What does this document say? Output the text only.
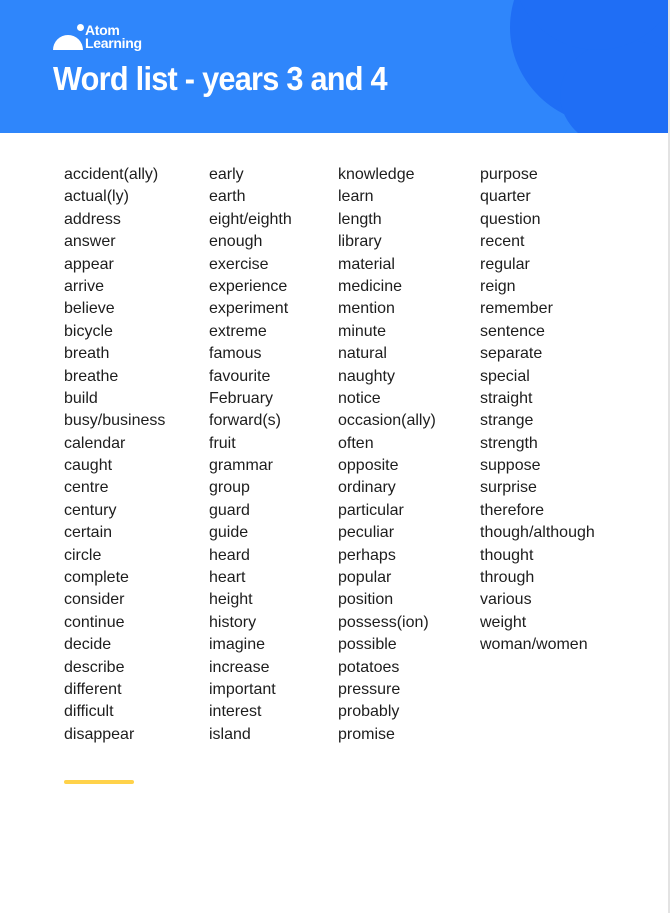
Atom
Learning
Word list - years 3 and 4
accident(ally)
actual(ly)
address
answer
appear
arrive
believe
bicycle
breath
breathe
build
busy/business
calendar
caught
centre
century
certain
circle
complete
consider
continue
decide
describe
different
difficult
disappear
early
earth
eight/eighth
enough
exercise
experience
experiment
extreme
famous
favourite
February
forward(s)
fruit
grammar
group
guard
guide
heard
heart
height
history
imagine
increase
important
interest
island
knowledge
learn
length
library
material
medicine
mention
minute
natural
naughty
notice
occasion(ally)
often
opposite
ordinary
particular
peculiar
perhaps
popular
position
possess(ion)
possible
potatoes
pressure
probably
promise
purpose
quarter
question
recent
regular
reign
remember
sentence
separate
special
straight
strange
strength
suppose
surprise
therefore
though/although
thought
through
various
weight
woman/women
